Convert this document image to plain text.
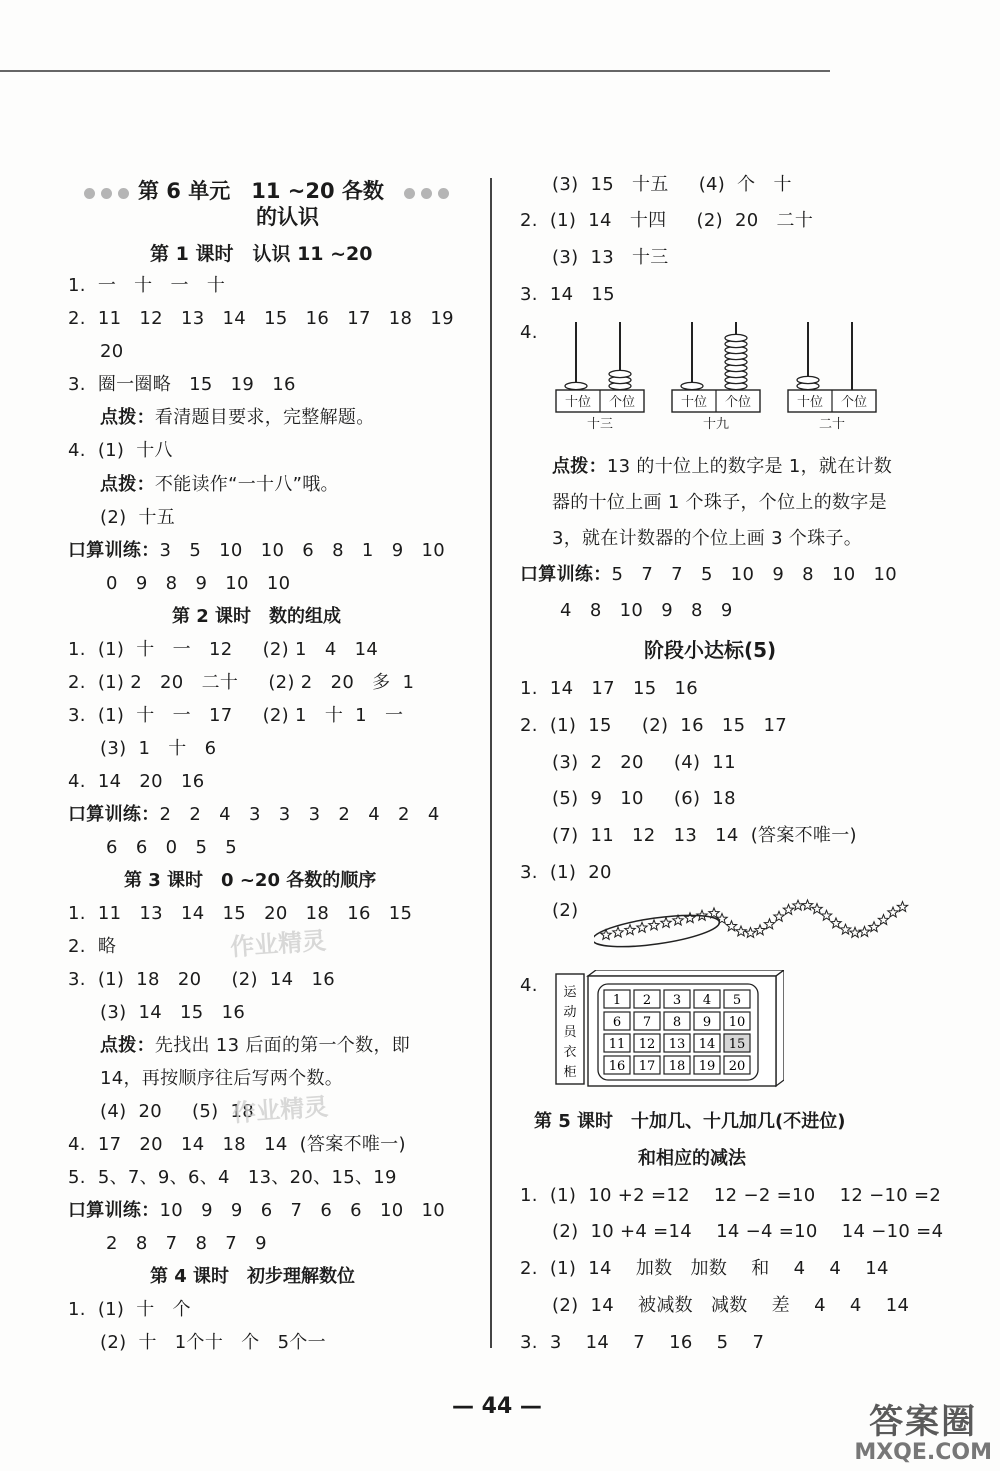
第 6 单元　11 ~20 各数
的认识
第 1 课时　认识 11 ~20
1.  一   十   一   十
2.  11   12   13   14   15   16   17   18   19
20
3.  圈一圈略   15   19   16
点拨：看清题目要求，完整解题。
4.  (1)  十八
点拨：不能读作“一十八”哦。
(2)  十五
口算训练：3   5   10   10   6   8   1   9   10
0   9   8   9   10   10
第 2 课时　数的组成
1.  (1)  十   一   12     (2) 1   4   14
2.  (1) 2   20   二十     (2) 2   20   多  1
3.  (1)  十   一   17     (2) 1   十  1   一
(3)  1   十   6
4.  14   20   16
口算训练：2   2   4   3   3   3   2   4   2   4
6   6   0   5   5
第 3 课时　0 ~20 各数的顺序
1.  11   13   14   15   20   18   16   15
2.  略
3.  (1)  18   20     (2)  14   16
(3)  14   15   16
点拨：先找出 13 后面的第一个数，即
14，再按顺序往后写两个数。
(4)  20     (5)  18
4.  17   20   14   18   14  (答案不唯一)
5.  5、7、9、6、4   13、20、15、19
口算训练：10   9   9   6   7   6   6   10   10
2   8   7   8   7   9
第 4 课时　初步理解数位
1.  (1)  十   个
(2)  十   1个十   个   5个一
(3)  15   十五     (4)  个   十
2.  (1)  14   十四     (2)  20   二十
(3)  13   十三
3.  14   15
4.
十位 个位
十三
十位 个位
十九
十位 个位
二十
点拨：13 的十位上的数字是 1，就在计数
器的十位上画 1 个珠子，个位上的数字是
3，就在计数器的个位上画 3 个珠子。
口算训练：5   7   7   5   10   9   8   10   10
4   8   10   9   8   9
阶段小达标(5)
1.  14   17   15   16
2.  (1)  15     (2)  16   15   17
(3)  2   20     (4)  11
(5)  9   10     (6)  18
(7)  11   12   13   14  (答案不唯一)
3.  (1)  20
(2)
4. 运
动
员
衣
柜
1 2 3 4 5
6 7 8 9 10
11 12 13 14 15
16 17 18 19 20
第 5 课时　十加几、十几加几(不进位)
和相应的减法
1.  (1)  10 +2 =12    12 −2 =10    12 −10 =2
(2)  10 +4 =14    14 −4 =10    14 −10 =4
2.  (1)  14    加数   加数    和    4    4    14
(2)  14    被减数   减数    差    4    4    14
3.  3    14    7    16    5    7
作业精灵
作业精灵
— 44 —	答案圈
MXQE.COM
